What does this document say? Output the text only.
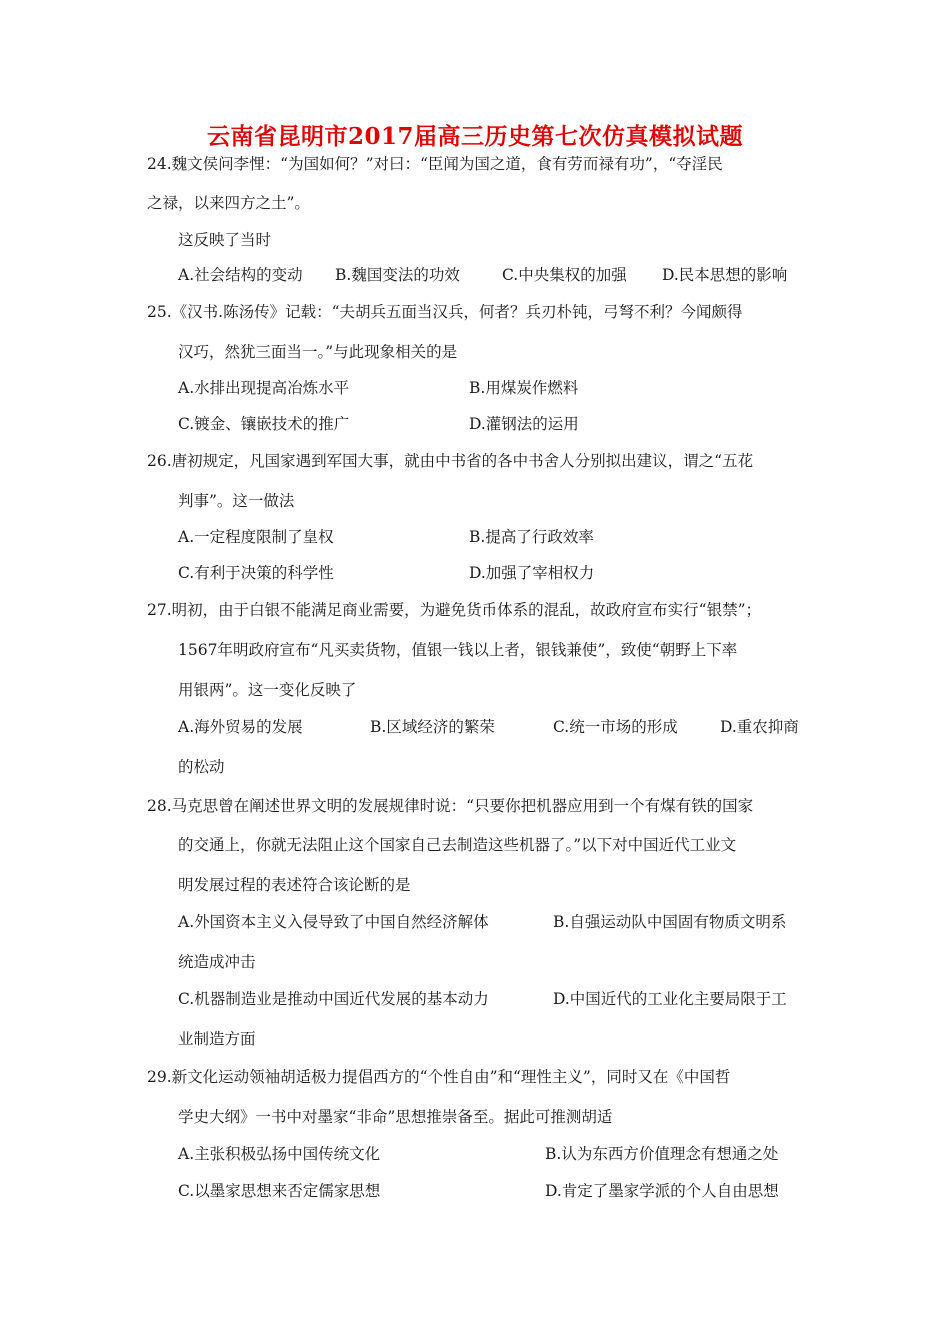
云南省昆明市2017届高三历史第七次仿真模拟试题
24.魏文侯问李悝：“为国如何？”对曰：“臣闻为国之道，食有劳而禄有功”，“夺淫民
之禄，以来四方之土”。
这反映了当时
A.社会结构的变动 B.魏国变法的功效	C.中央集权的加强 D.民本思想的影响
25.《汉书.陈汤传》记载：“夫胡兵五面当汉兵，何者？兵刃朴钝，弓弩不利？今闻颇得
汉巧，然犹三面当一。”与此现象相关的是
A.水排出现提高冶炼水平	B.用煤炭作燃料
C.镀金、镶嵌技术的推广	D.灌钢法的运用
26.唐初规定，凡国家遇到军国大事，就由中书省的各中书舍人分别拟出建议，谓之“五花
判事”。这一做法
A.一定程度限制了皇权	B.提高了行政效率
C.有利于决策的科学性	D.加强了宰相权力
27.明初，由于白银不能满足商业需要，为避免货币体系的混乱，故政府宣布实行“银禁”；
1567年明政府宣布“凡买卖货物，值银一钱以上者，银钱兼使”，致使“朝野上下率
用银两”。这一变化反映了
A.海外贸易的发展	B.区域经济的繁荣	C.统一市场的形成	D.重农抑商
的松动
28.马克思曾在阐述世界文明的发展规律时说：“只要你把机器应用到一个有煤有铁的国家
的交通上，你就无法阻止这个国家自己去制造这些机器了。”以下对中国近代工业文
明发展过程的表述符合该论断的是
A.外国资本主义入侵导致了中国自然经济解体	B.自强运动队中国固有物质文明系
统造成冲击
C.机器制造业是推动中国近代发展的基本动力	D.中国近代的工业化主要局限于工
业制造方面
29.新文化运动领袖胡适极力提倡西方的“个性自由”和“理性主义”，同时又在《中国哲
学史大纲》一书中对墨家“非命”思想推崇备至。据此可推测胡适
A.主张积极弘扬中国传统文化	B.认为东西方价值理念有想通之处
C.以墨家思想来否定儒家思想	D.肯定了墨家学派的个人自由思想
